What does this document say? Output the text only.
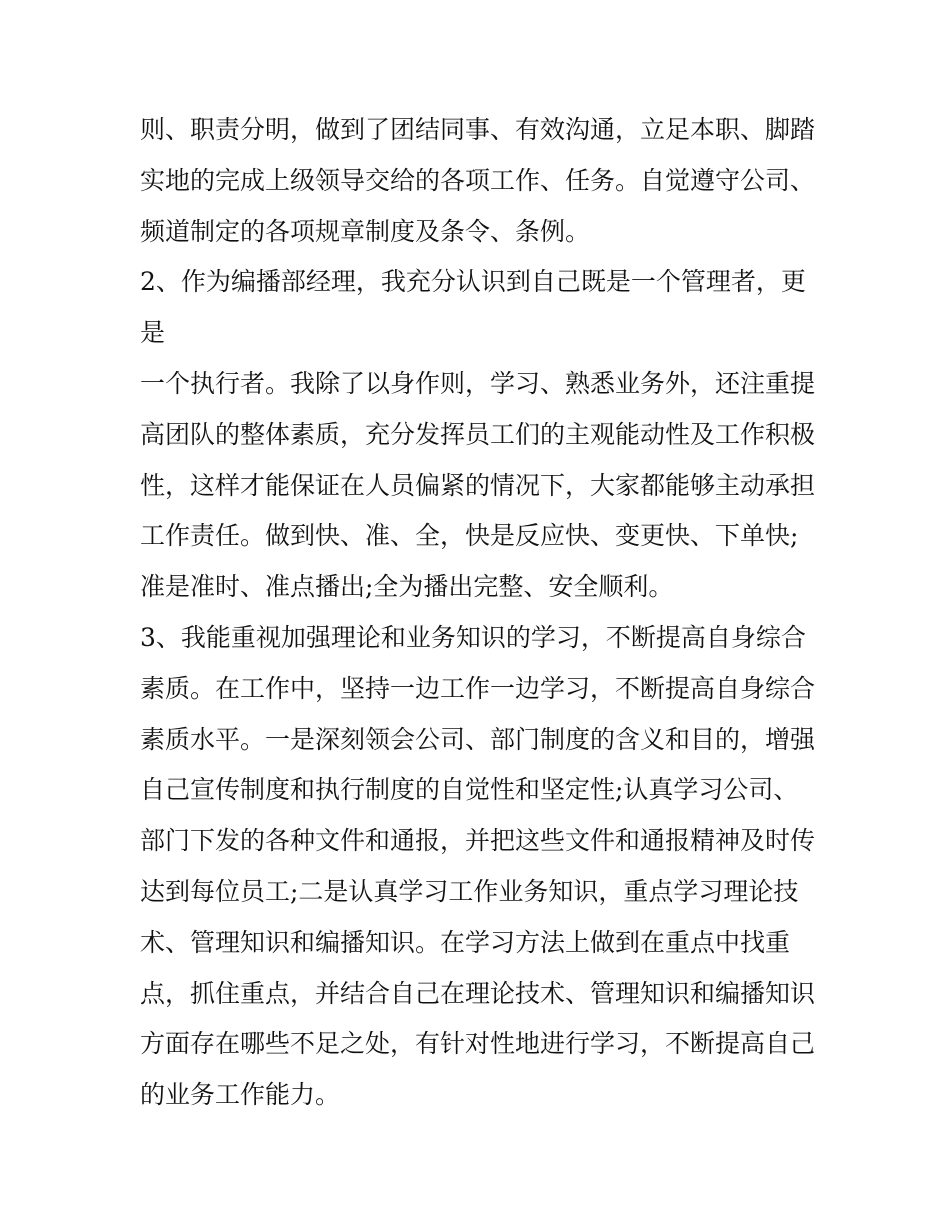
则、职责分明，做到了团结同事、有效沟通，立足本职、脚踏
实地的完成上级领导交给的各项工作、任务。自觉遵守公司、
频道制定的各项规章制度及条令、条例。
2、作为编播部经理，我充分认识到自己既是一个管理者，更
是
一个执行者。我除了以身作则，学习、熟悉业务外，还注重提
高团队的整体素质，充分发挥员工们的主观能动性及工作积极
性，这样才能保证在人员偏紧的情况下，大家都能够主动承担
工作责任。做到快、准、全，快是反应快、变更快、下单快;
准是准时、准点播出;全为播出完整、安全顺利。
3、我能重视加强理论和业务知识的学习，不断提高自身综合
素质。在工作中，坚持一边工作一边学习，不断提高自身综合
素质水平。一是深刻领会公司、部门制度的含义和目的，增强
自己宣传制度和执行制度的自觉性和坚定性;认真学习公司、
部门下发的各种文件和通报，并把这些文件和通报精神及时传
达到每位员工;二是认真学习工作业务知识，重点学习理论技
术、管理知识和编播知识。在学习方法上做到在重点中找重
点，抓住重点，并结合自己在理论技术、管理知识和编播知识
方面存在哪些不足之处，有针对性地进行学习，不断提高自己
的业务工作能力。
